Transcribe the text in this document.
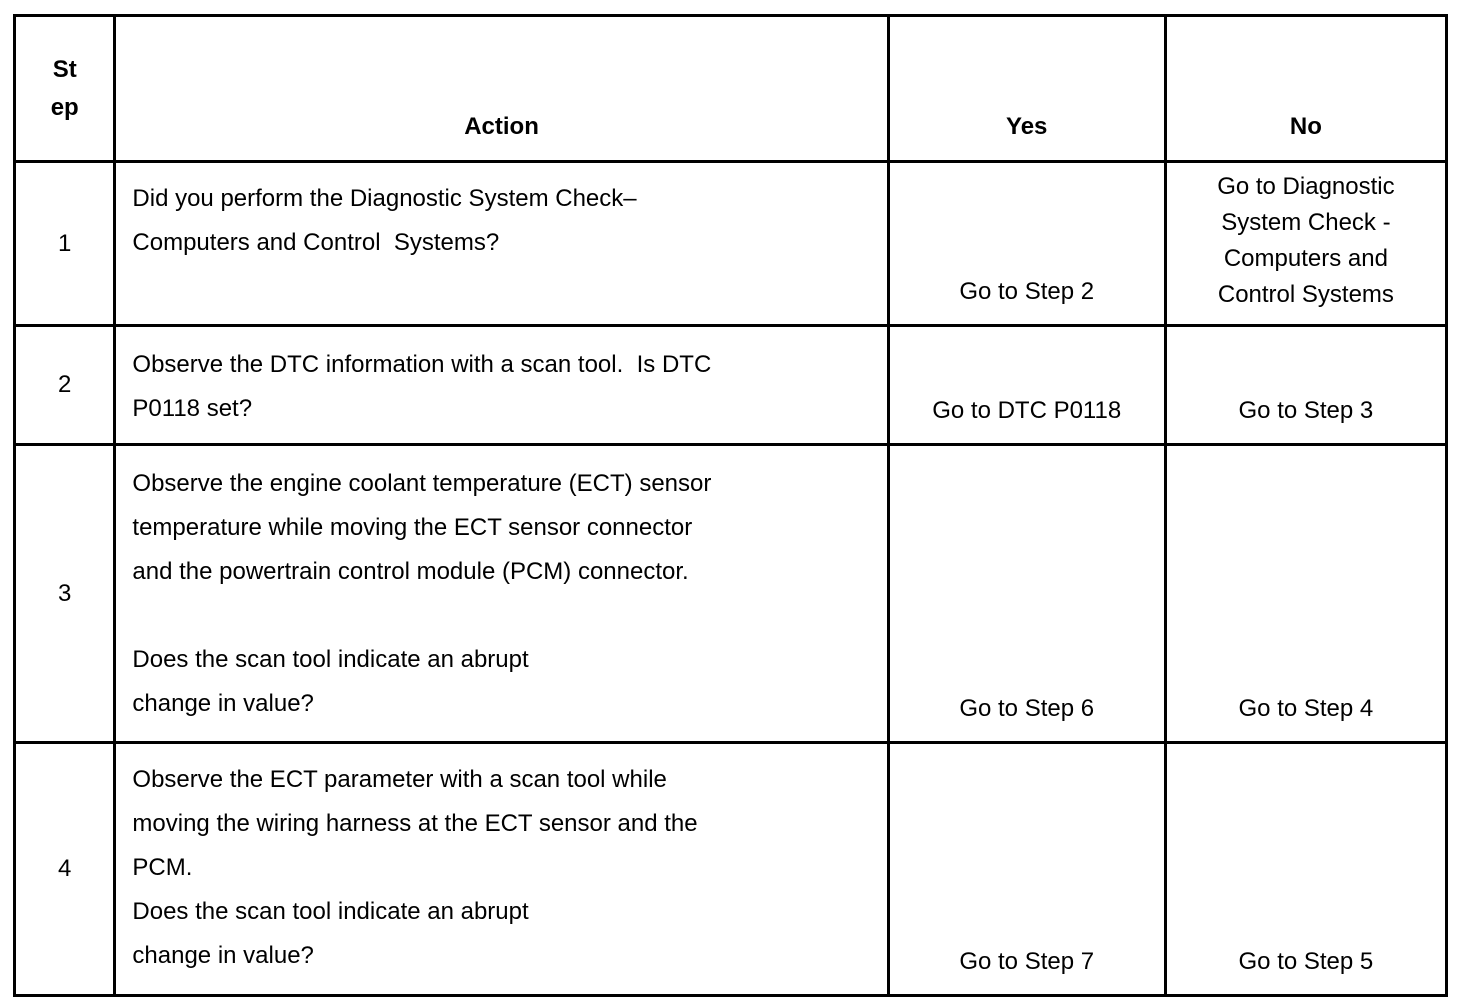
St
ep	Action	Yes	No
1	Did you perform the Diagnostic System Check–
Computers and Control  Systems?	Go to Step 2	Go to Diagnostic
System Check -
Computers and
Control Systems

2	Observe the DTC information with a scan tool.  Is DTC
P0118 set?	Go to DTC P0118	Go to Step 3
3	Observe the engine coolant temperature (ECT) sensor
temperature while moving the ECT sensor connector
and the powertrain control module (PCM) connector.
Does the scan tool indicate an abrupt
change in value?	Go to Step 6	Go to Step 4
4	Observe the ECT parameter with a scan tool while
moving the wiring harness at the ECT sensor and the
PCM.
Does the scan tool indicate an abrupt
change in value?	Go to Step 7	Go to Step 5
